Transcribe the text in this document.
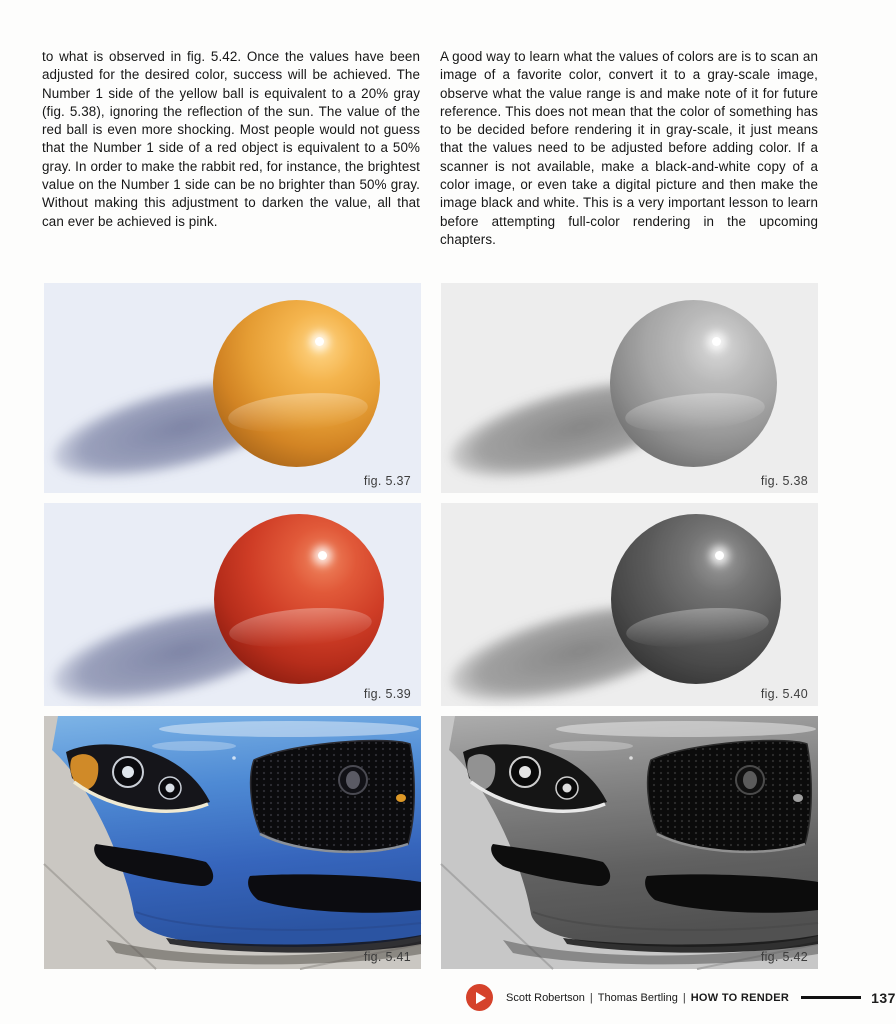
to what is observed in fig. 5.42. Once the values have been adjusted for the desired color, success will be achieved. The Number 1 side of the yellow ball is equivalent to a 20% gray (fig. 5.38), ignoring the reflection of the sun. The value of the red ball is even more shocking. Most people would not guess that the Number 1 side of a red object is equivalent to a 50% gray. In order to make the rabbit red, for instance, the brightest value on the Number 1 side can be no brighter than 50% gray. Without making this adjustment to darken the value, all that can ever be achieved is pink.

A good way to learn what the values of colors are is to scan an image of a favorite color, convert it to a gray-scale image, observe what the value range is and make note of it for future reference. This does not mean that the color of something has to be decided before rendering it in gray-scale, it just means that the values need to be adjusted before adding color. If a scanner is not available, make a black-and-white copy of a color image, or even take a digital picture and then make the image black and white. This is a very important lesson to learn before attempting full-color rendering in the upcoming chapters.

fig. 5.37	fig. 5.38
fig. 5.39	fig. 5.40
fig. 5.41	fig. 5.42
Scott Robertson | Thomas Bertling | HOW TO RENDER	137
